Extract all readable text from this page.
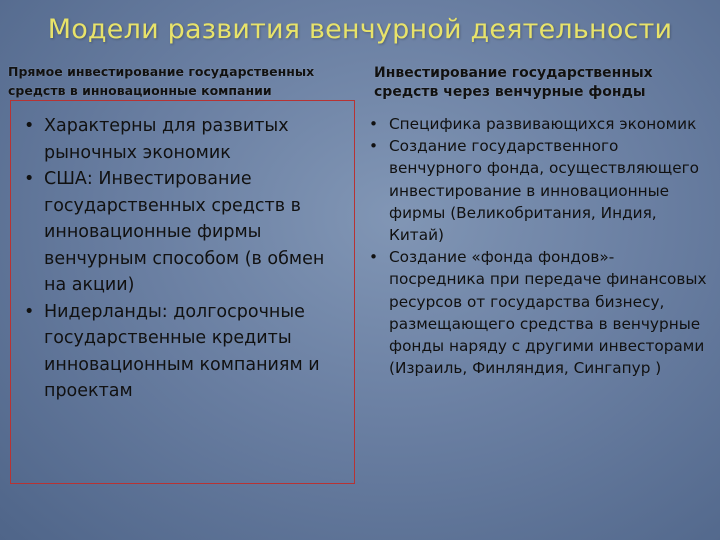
Модели развития венчурной деятельности
Прямое инвестирование государственных средств в инновационные компании
Инвестирование государственных средств через венчурные фонды
• Характерны для развитых рыночных экономик
• США: Инвестирование государственных средств в инновационные фирмы венчурным способом (в обмен на акции)
• Нидерланды: долгосрочные государственные кредиты инновационным компаниям и проектам
• Специфика развивающихся экономик
• Создание государственного венчурного фонда, осуществляющего инвестирование в инновационные фирмы (Великобритания, Индия, Китай)
• Создание «фонда фондов»- посредника при передаче финансовых ресурсов от государства бизнесу, размещающего средства в венчурные фонды наряду с другими инвесторами (Израиль, Финляндия, Сингапур )
